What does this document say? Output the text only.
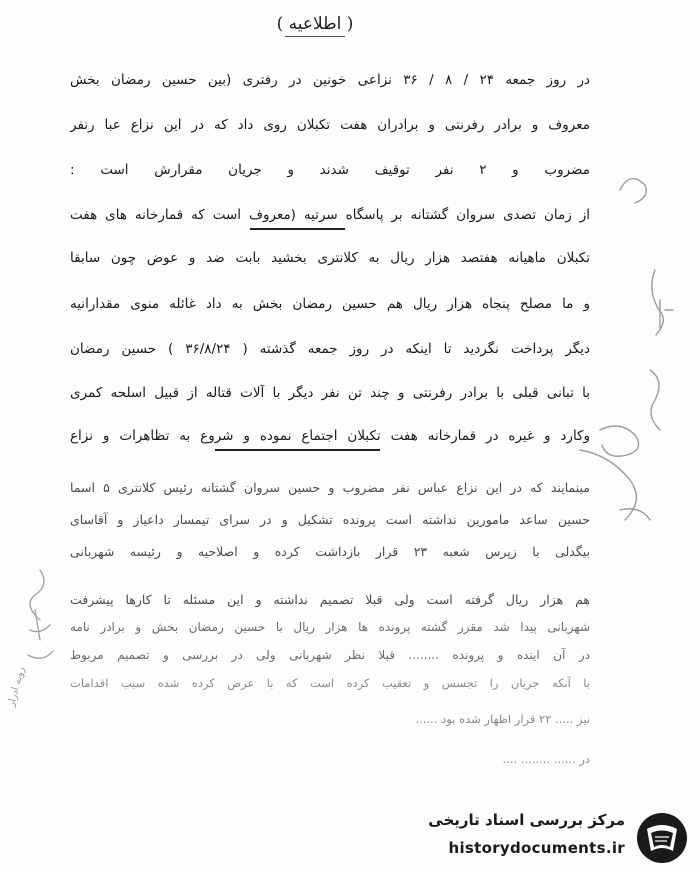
( اطلاعیه )
در روز جمعه ۲۴ / ۸ / ۳۶ نزاعی خونین در رفتری (بین حسین رمضان بخش
معروف و برادر رفرنتی و برادران هفت تکبلان روی داد که در این نزاع عبا رنفر
مضروب و ۲ نفر توقیف شدند و جریان مقرارش است :
از زمان تصدی سروان گشتانه بر پاسگاه سرتیه (معروف است که قمارخانه های هفت
تکبلان ماهیانه هفتصد هزار ریال به کلانتری بخشید بابت ضد و عوض چون سابقا
و ما مصلح پنجاه هزار ریال هم حسین رمضان بخش به داد غائله منوی مقدارانیه
دیگر پرداخت نگردید تا اینکه در روز جمعه گذشته ( ۳۶/۸/۲۴ ) حسین رمضان
با تبانی قبلی با برادر رفرنتی و چند تن نفر دیگر با آلات قتاله از قبیل اسلحه کمری
وکارد و غیره در قمارخانه هفت تکبلان اجتماع نموده و شروع به تظاهرات و نزاع
مینمایند که در این نزاع عباس نفر مضروب و حسین سروان گشتانه رئیس کلانتری ۵ اسما
حسین ساعد مامورین نداشته است پرونده تشکیل و در سرای تیمسار داعیاز و آقاسای
بیگدلی با زپرس شعبه ۲۳ قرار بازداشت کرده و اصلاحیه و رئیسه شهربانی
هم هزار ریال گرفته است ولی قبلا تصمیم نداشته و این مسئله تا کارها پیشرفت
شهربانی پیدا شد مقرر گشته پرونده ها هزار ریال با حسین رمضان بخش و برادر نامه
در آن اینده و پرونده ........ قبلا نظر شهربانی ولی در بررسی و تصمیم مربوط
با آنکه جریان را تجسس و تعقیب کرده است که با عرض کرده شده سبب اقدامات
نیز ..... ۲۲ قرار اظهار شده بود ......
در ...... ........ ....
روبه ادرار
مرکز بررسی اسناد تاریخی
historydocuments.ir
